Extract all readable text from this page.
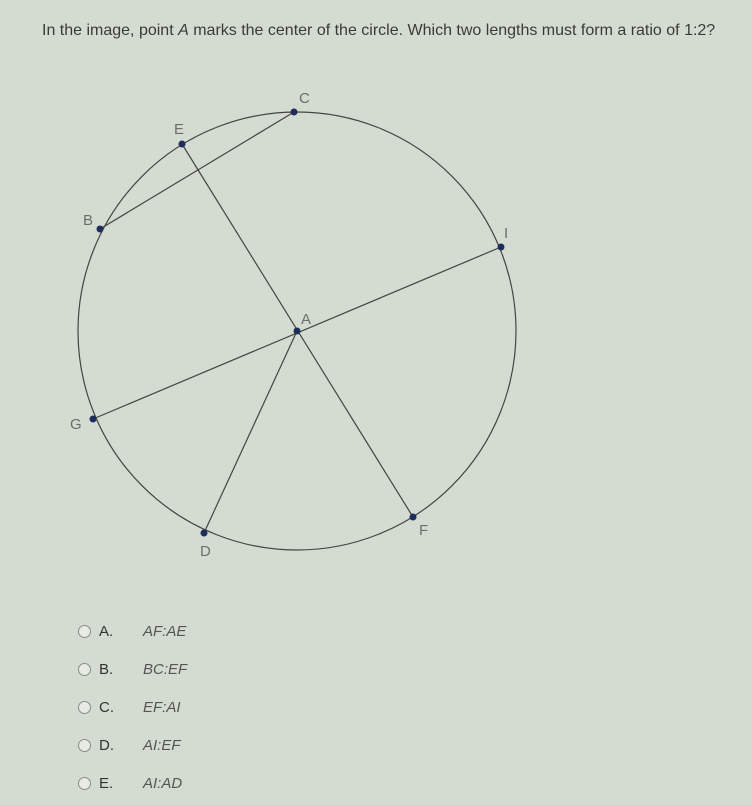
In the image, point A marks the center of the circle. Which two lengths must form a ratio of 1:2?
A
B
C
D
E
F
G
I
A.	AF:AE
B.	BC:EF
C.	EF:AI
D.	AI:EF
E.	AI:AD
